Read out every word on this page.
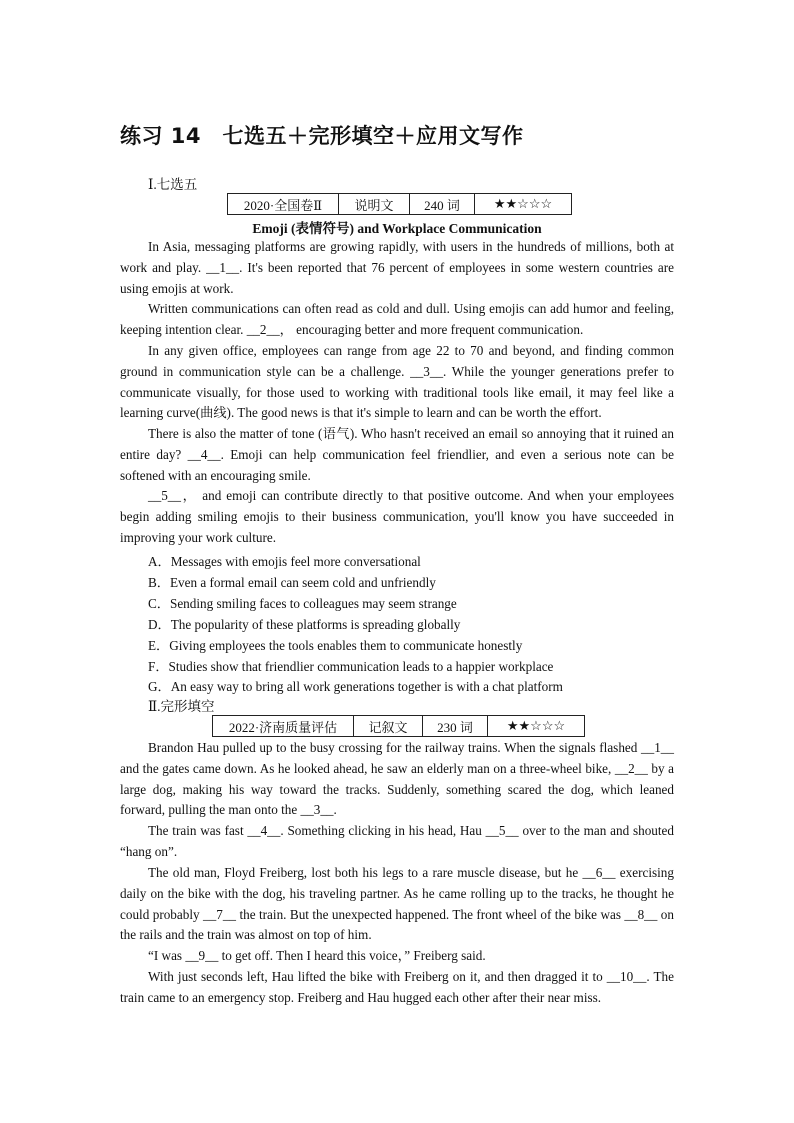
练习 14　七选五＋完形填空＋应用文写作
Ⅰ.七选五
2020·全国卷Ⅱ	说明文	240 词	★★☆☆☆
Emoji (表情符号) and Workplace Communication
In Asia, messaging platforms are growing rapidly, with users in the hundreds of millions, both at work and play. __1__. It's been reported that 76 percent of employees in some western countries are using emojis at work.
Written communications can often read as cold and dull. Using emojis can add humor and feeling, keeping intention clear. __2__， encouraging better and more frequent communication.
In any given office, employees can range from age 22 to 70 and beyond, and finding common ground in communication style can be a challenge. __3__. While the younger generations prefer to communicate visually, for those used to working with traditional tools like email, it may feel like a learning curve(曲线). The good news is that it's simple to learn and can be worth the effort.
There is also the matter of tone (语气). Who hasn't received an email so annoying that it ruined an entire day? __4__. Emoji can help communication feel friendlier, and even a serious note can be softened with an encouraging smile.
__5__， and emoji can contribute directly to that positive outcome. And when your employees begin adding smiling emojis to their business communication, you'll know you have succeeded in improving your work culture.
A．Messages with emojis feel more conversational
B．Even a formal email can seem cold and unfriendly
C．Sending smiling faces to colleagues may seem strange
D．The popularity of these platforms is spreading globally
E．Giving employees the tools enables them to communicate honestly
F．Studies show that friendlier communication leads to a happier workplace
G．An easy way to bring all work generations together is with a chat platform
Ⅱ.完形填空
2022·济南质量评估	记叙文	230 词	★★☆☆☆
Brandon Hau pulled up to the busy crossing for the railway trains. When the signals flashed __1__ and the gates came down. As he looked ahead, he saw an elderly man on a three-wheel bike, __2__ by a large dog, making his way toward the tracks. Suddenly, something scared the dog, which leaned forward, pulling the man onto the __3__.
The train was fast __4__. Something clicking in his head, Hau __5__ over to the man and shouted “hang on”.
The old man, Floyd Freiberg, lost both his legs to a rare muscle disease, but he __6__ exercising daily on the bike with the dog, his traveling partner. As he came rolling up to the tracks, he thought he could probably __7__ the train. But the unexpected happened. The front wheel of the bike was __8__ on the rails and the train was almost on top of him.
“I was __9__ to get off. Then I heard this voice，” Freiberg said.
With just seconds left, Hau lifted the bike with Freiberg on it, and then dragged it to __10__. The train came to an emergency stop. Freiberg and Hau hugged each other after their near miss.
